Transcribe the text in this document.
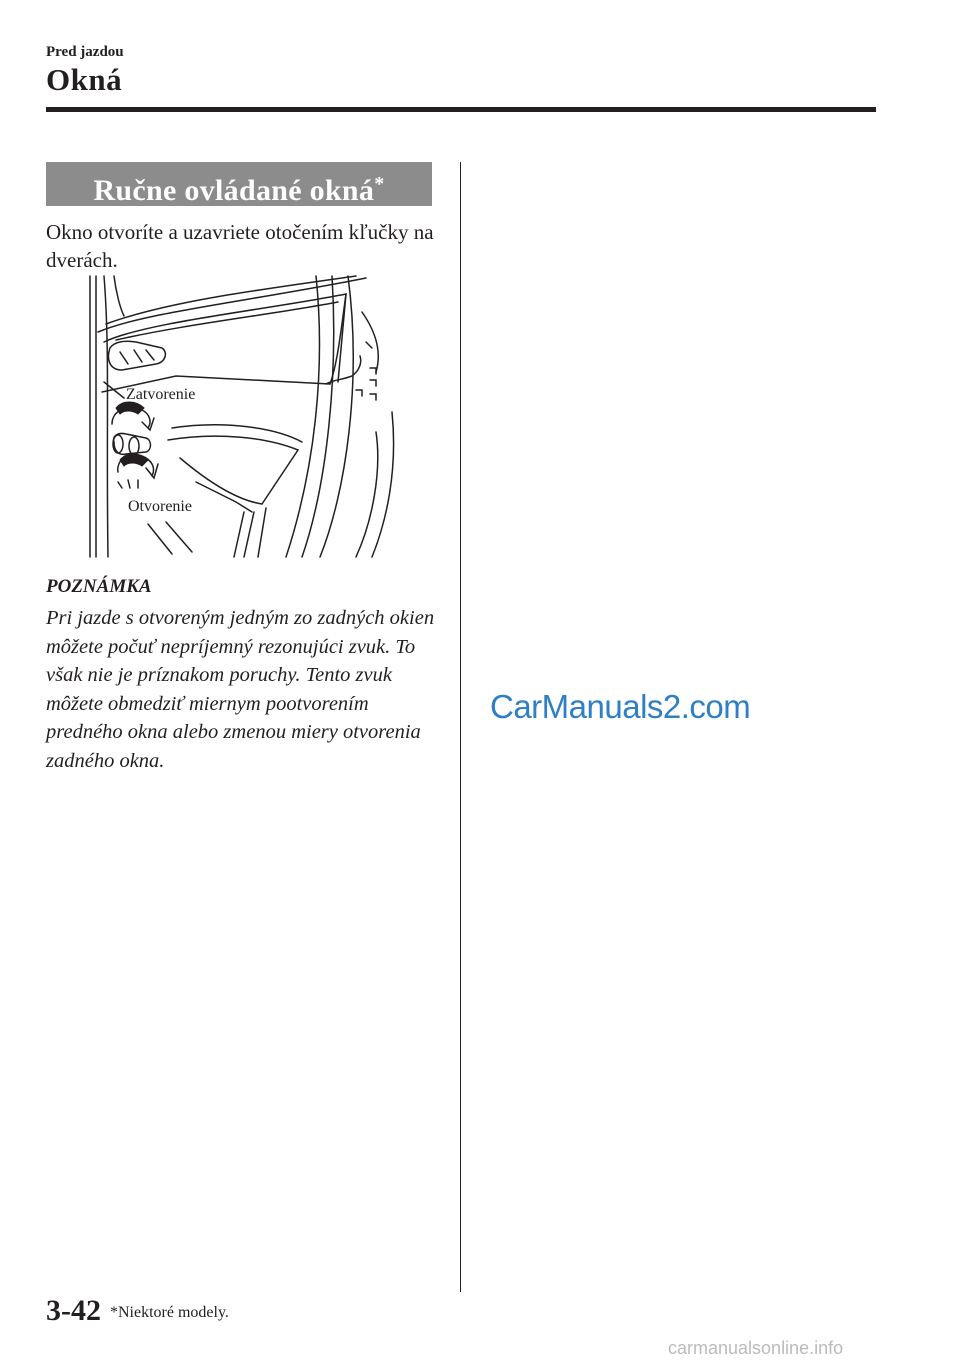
Pred jazdou
Okná
Ručne ovládané okná*
Okno otvoríte a uzavriete otočením kľučky na dverách.
Zatvorenie
Otvorenie
POZNÁMKA
Pri jazde s otvoreným jedným zo zadných okien môžete počuť nepríjemný rezonujúci zvuk. To však nie je príznakom poruchy. Tento zvuk môžete obmedziť miernym pootvorením predného okna alebo zmenou miery otvorenia zadného okna.
CarManuals2.com
3-42 *Niektoré modely.
carmanualsonline.info
